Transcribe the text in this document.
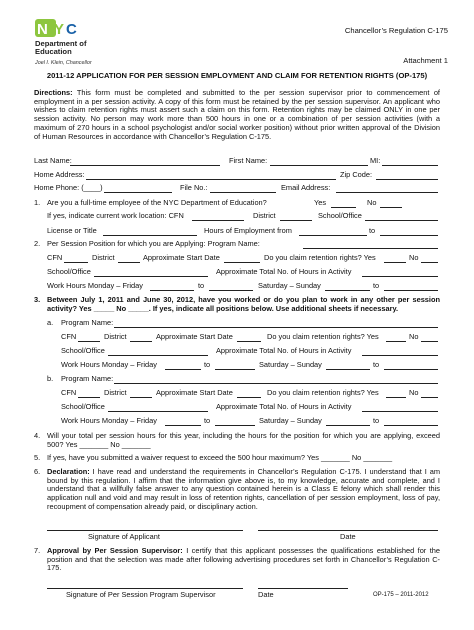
N Y C
Department of
Education
Joel I. Klein, Chancellor
Chancellor’s Regulation C-175
Attachment 1
2011-12 APPLICATION FOR PER SESSION EMPLOYMENT AND CLAIM FOR RETENTION RIGHTS (OP-175)
Directions: This form must be completed and submitted to the per session supervisor prior to commencement of employment in a per session activity. A copy of this form must be retained by the per session supervisor. An applicant who wishes to claim retention rights must assert such a claim on this form. Retention rights may be claimed ONLY in one per session activity. No person may work more than 500 hours in one or a combination of per session activities (with a maximum of 270 hours in a school psychologist and/or social worker position) without prior written approval of the Division of Human Resources in accordance with Chancellor’s Regulation C-175.
Last Name:	First Name:	MI:
Home Address:	Zip Code:
Home Phone: (____)	File No.:	Email Address:
1. Are you a full-time employee of the NYC Department of Education?	Yes	No
If yes, indicate current work location: CFN	District	School/Office
License or Title	Hours of Employment from	to
2. Per Session Position for which you are Applying: Program Name:
CFN	District	Approximate Start Date	Do you claim retention rights? Yes	No
School/Office	Approximate Total No. of Hours in Activity
Work Hours Monday – Friday	to	Saturday – Sunday	to
3. Between July 1, 2011 and June 30, 2012, have you worked or do you plan to work in any other per session activity? Yes _____ No _____. If yes, indicate all positions below. Use additional sheets if necessary.
a. Program Name:
CFN	District	Approximate Start Date	Do you claim retention rights? Yes	No
School/Office	Approximate Total No. of Hours in Activity
Work Hours Monday – Friday	to	Saturday – Sunday	to
b. Program Name:
CFN	District	Approximate Start Date	Do you claim retention rights? Yes	No
School/Office	Approximate Total No. of Hours in Activity
Work Hours Monday – Friday	to	Saturday – Sunday	to
4. Will your total per session hours for this year, including the hours for the position for which you are applying, exceed 500? Yes _______ No _______
5. If yes, have you submitted a waiver request to exceed the 500 hour maximum? Yes _______ No _______
6. Declaration: I have read and understand the requirements in Chancellor’s Regulation C-175. I understand that I am bound by this regulation. I affirm that the information give above is, to my knowledge, accurate and complete, and I understand that a willfully false answer to any question contained herein is a Class E felony which shall render this application null and void and may result in loss of retention rights, cancellation of per session employment, loss of pay, recoupment of compensation already paid, or disciplinary action.
Signature of Applicant	Date
7. Approval by Per Session Supervisor: I certify that this applicant possesses the qualifications established for the position and that the selection was made after following advertising procedures set forth in Chancellor’s Regulation C-175.
Signature of Per Session Program Supervisor	Date	OP-175 – 2011-2012
